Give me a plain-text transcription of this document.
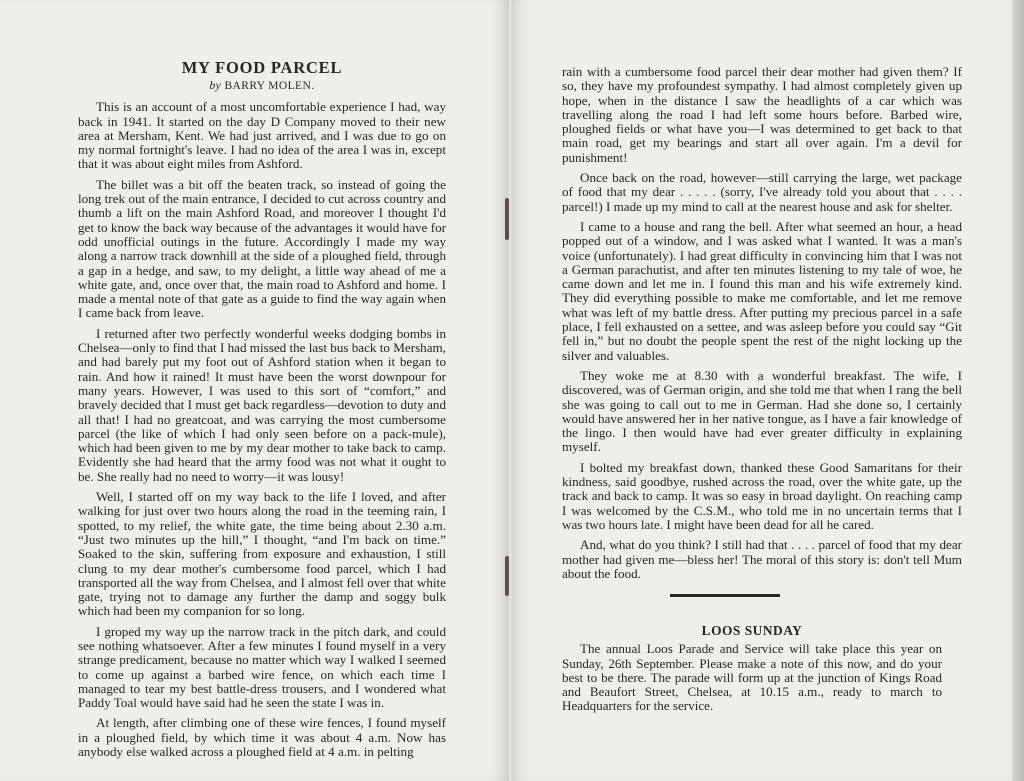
MY FOOD PARCEL
by BARRY MOLEN.

This is an account of a most uncomfortable experience I had, way back in 1941. It started on the day D Company moved to their new area at Mersham, Kent. We had just arrived, and I was due to go on my normal fortnight's leave. I had no idea of the area I was in, except that it was about eight miles from Ashford.

The billet was a bit off the beaten track, so instead of going the long trek out of the main entrance, I decided to cut across country and thumb a lift on the main Ashford Road, and moreover I thought I'd get to know the back way because of the advantages it would have for odd unofficial outings in the future. Accordingly I made my way along a narrow track downhill at the side of a ploughed field, through a gap in a hedge, and saw, to my delight, a little way ahead of me a white gate, and, once over that, the main road to Ashford and home. I made a mental note of that gate as a guide to find the way again when I came back from leave.

I returned after two perfectly wonderful weeks dodging bombs in Chelsea—only to find that I had missed the last bus back to Mersham, and had barely put my foot out of Ashford station when it began to rain. And how it rained! It must have been the worst downpour for many years. However, I was used to this sort of “comfort,” and bravely decided that I must get back regardless—devotion to duty and all that! I had no greatcoat, and was carrying the most cumbersome parcel (the like of which I had only seen before on a pack-mule), which had been given to me by my dear mother to take back to camp. Evidently she had heard that the army food was not what it ought to be. She really had no need to worry—it was lousy!

Well, I started off on my way back to the life I loved, and after walking for just over two hours along the road in the teeming rain, I spotted, to my relief, the white gate, the time being about 2.30 a.m. “Just two minutes up the hill,” I thought, “and I'm back on time.” Soaked to the skin, suffering from exposure and exhaustion, I still clung to my dear mother's cumbersome food parcel, which I had transported all the way from Chelsea, and I almost fell over that white gate, trying not to damage any further the damp and soggy bulk which had been my companion for so long.

I groped my way up the narrow track in the pitch dark, and could see nothing whatsoever. After a few minutes I found myself in a very strange predicament, because no matter which way I walked I seemed to come up against a barbed wire fence, on which each time I managed to tear my best battle-dress trousers, and I wondered what Paddy Toal would have said had he seen the state I was in.

At length, after climbing one of these wire fences, I found myself in a ploughed field, by which time it was about 4 a.m. Now has anybody else walked across a ploughed field at 4 a.m. in pelting

rain with a cumbersome food parcel their dear mother had given them? If so, they have my profoundest sympathy. I had almost completely given up hope, when in the distance I saw the headlights of a car which was travelling along the road I had left some hours before. Barbed wire, ploughed fields or what have you—I was determined to get back to that main road, get my bearings and start all over again. I'm a devil for punishment!

Once back on the road, however—still carrying the large, wet package of food that my dear . . . . . (sorry, I've already told you about that . . . . parcel!) I made up my mind to call at the nearest house and ask for shelter.

I came to a house and rang the bell. After what seemed an hour, a head popped out of a window, and I was asked what I wanted. It was a man's voice (unfortunately). I had great difficulty in convincing him that I was not a German parachutist, and after ten minutes listening to my tale of woe, he came down and let me in. I found this man and his wife extremely kind. They did everything possible to make me comfortable, and let me remove what was left of my battle dress. After putting my precious parcel in a safe place, I fell exhausted on a settee, and was asleep before you could say “Git fell in,” but no doubt the people spent the rest of the night locking up the silver and valuables.

They woke me at 8.30 with a wonderful breakfast. The wife, I discovered, was of German origin, and she told me that when I rang the bell she was going to call out to me in German. Had she done so, I certainly would have answered her in her native tongue, as I have a fair knowledge of the lingo. I then would have had ever greater difficulty in explaining myself.

I bolted my breakfast down, thanked these Good Samaritans for their kindness, said goodbye, rushed across the road, over the white gate, up the track and back to camp. It was so easy in broad daylight. On reaching camp I was welcomed by the C.S.M., who told me in no uncertain terms that I was two hours late. I might have been dead for all he cared.

And, what do you think? I still had that . . . . parcel of food that my dear mother had given me—bless her! The moral of this story is: don't tell Mum about the food.

LOOS SUNDAY

The annual Loos Parade and Service will take place this year on Sunday, 26th September. Please make a note of this now, and do your best to be there. The parade will form up at the junction of Kings Road and Beaufort Street, Chelsea, at 10.15 a.m., ready to march to Headquarters for the service.
